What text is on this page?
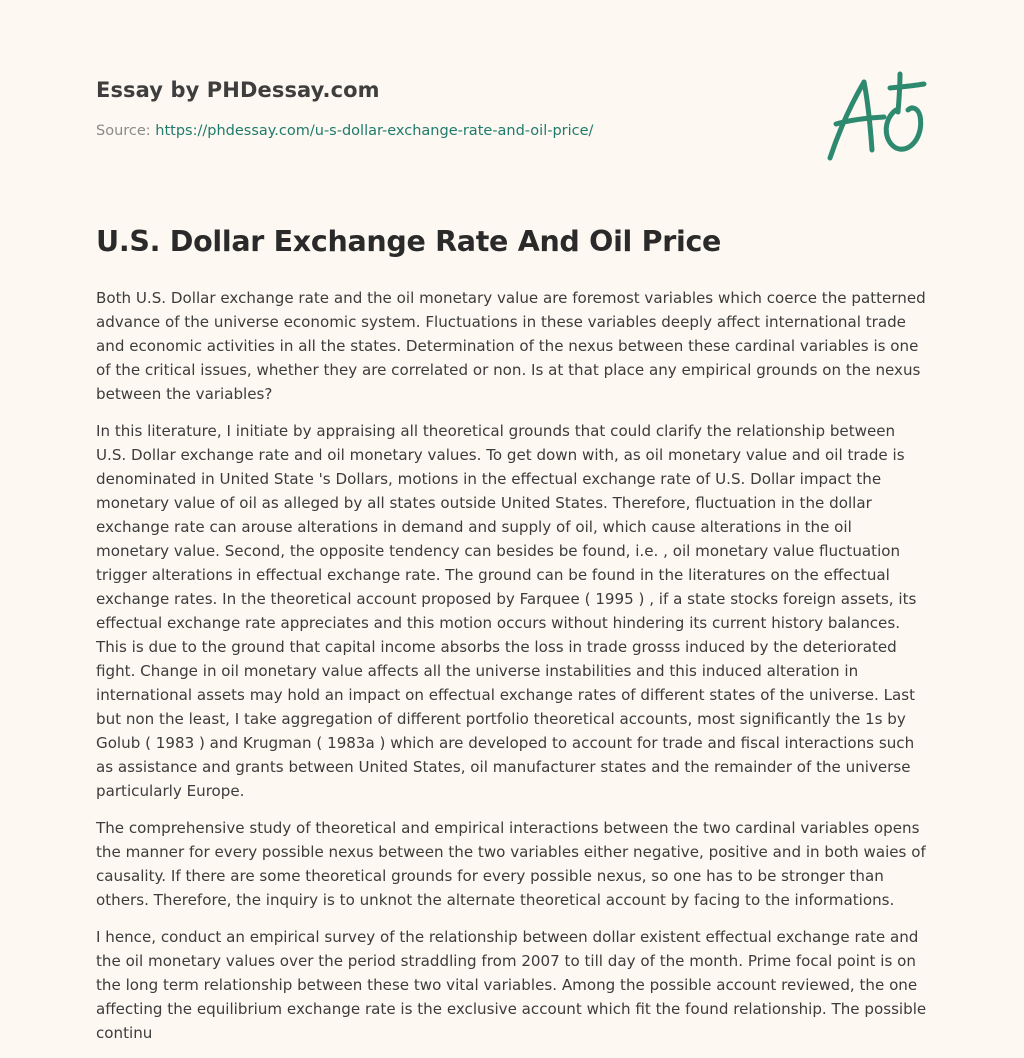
Essay by PHDessay.com
Source: https://phdessay.com/u-s-dollar-exchange-rate-and-oil-price/
U.S. Dollar Exchange Rate And Oil Price

Both U.S. Dollar exchange rate and the oil monetary value are foremost variables which coerce the patterned advance of the universe economic system. Fluctuations in these variables deeply affect international trade and economic activities in all the states. Determination of the nexus between these cardinal variables is one of the critical issues, whether they are correlated or non. Is at that place any empirical grounds on the nexus between the variables?

In this literature, I initiate by appraising all theoretical grounds that could clarify the relationship between U.S. Dollar exchange rate and oil monetary values. To get down with, as oil monetary value and oil trade is denominated in United State 's Dollars, motions in the effectual exchange rate of U.S. Dollar impact the monetary value of oil as alleged by all states outside United States. Therefore, fluctuation in the dollar exchange rate can arouse alterations in demand and supply of oil, which cause alterations in the oil monetary value. Second, the opposite tendency can besides be found, i.e. , oil monetary value fluctuation trigger alterations in effectual exchange rate. The ground can be found in the literatures on the effectual exchange rates. In the theoretical account proposed by Farquee ( 1995 ) , if a state stocks foreign assets, its effectual exchange rate appreciates and this motion occurs without hindering its current history balances. This is due to the ground that capital income absorbs the loss in trade grosss induced by the deteriorated fight. Change in oil monetary value affects all the universe instabilities and this induced alteration in international assets may hold an impact on effectual exchange rates of different states of the universe. Last but non the least, I take aggregation of different portfolio theoretical accounts, most significantly the 1s by Golub ( 1983 ) and Krugman ( 1983a ) which are developed to account for trade and fiscal interactions such as assistance and grants between United States, oil manufacturer states and the remainder of the universe particularly Europe.

The comprehensive study of theoretical and empirical interactions between the two cardinal variables opens the manner for every possible nexus between the two variables either negative, positive and in both waies of causality. If there are some theoretical grounds for every possible nexus, so one has to be stronger than others. Therefore, the inquiry is to unknot the alternate theoretical account by facing to the informations.

I hence, conduct an empirical survey of the relationship between dollar existent effectual exchange rate and the oil monetary values over the period straddling from 2007 to till day of the month. Prime focal point is on the long term relationship between these two vital variables. Among the possible account reviewed, the one affecting the equilibrium exchange rate is the exclusive account which fit the found relationship. The possible continu
